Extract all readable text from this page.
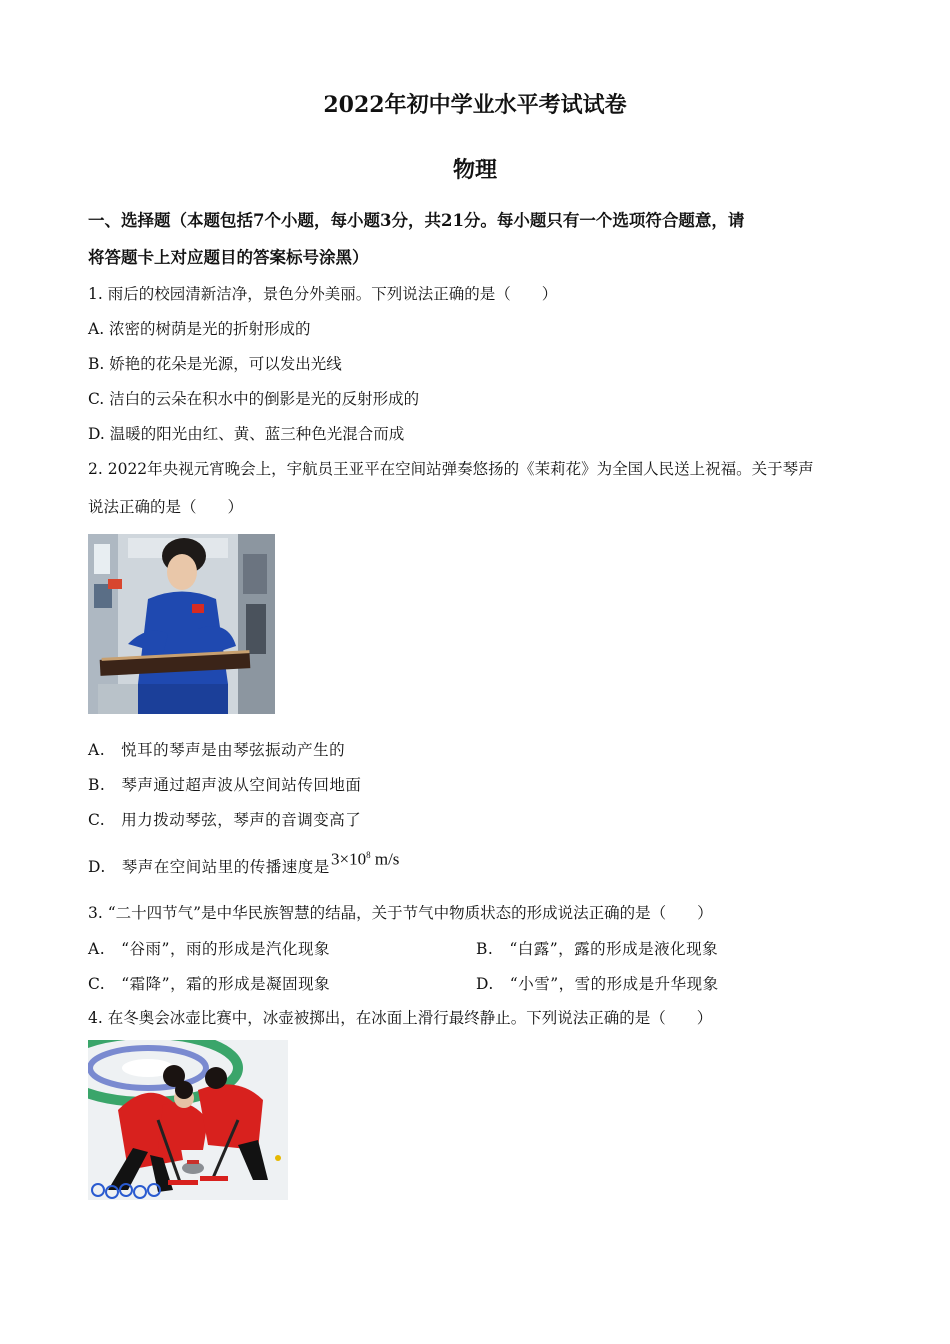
2022年初中学业水平考试试卷
物理
一、选择题（本题包括7个小题，每小题3分，共21分。每小题只有一个选项符合题意，请
将答题卡上对应题目的答案标号涂黑）
1. 雨后的校园清新洁净，景色分外美丽。下列说法正确的是（　　）
A. 浓密的树荫是光的折射形成的
B. 娇艳的花朵是光源，可以发出光线
C. 洁白的云朵在积水中的倒影是光的反射形成的
D. 温暖的阳光由红、黄、蓝三种色光混合而成
2. 2022年央视元宵晚会上，宇航员王亚平在空间站弹奏悠扬的《茉莉花》为全国人民送上祝福。关于琴声
说法正确的是（　　）
A.　悦耳的琴声是由琴弦振动产生的
B.　琴声通过超声波从空间站传回地面
C.　用力拨动琴弦，琴声的音调变高了
D.　琴声在空间站里的传播速度是 $3\times 10^8$ m/s
3. “二十四节气”是中华民族智慧的结晶，关于节气中物质状态的形成说法正确的是（　　）
A.　“谷雨”，雨的形成是汽化现象	B.　“白露”，露的形成是液化现象
C.　“霜降”，霜的形成是凝固现象	D.　“小雪”，雪的形成是升华现象
4. 在冬奥会冰壶比赛中，冰壶被掷出，在冰面上滑行最终静止。下列说法正确的是（　　）
